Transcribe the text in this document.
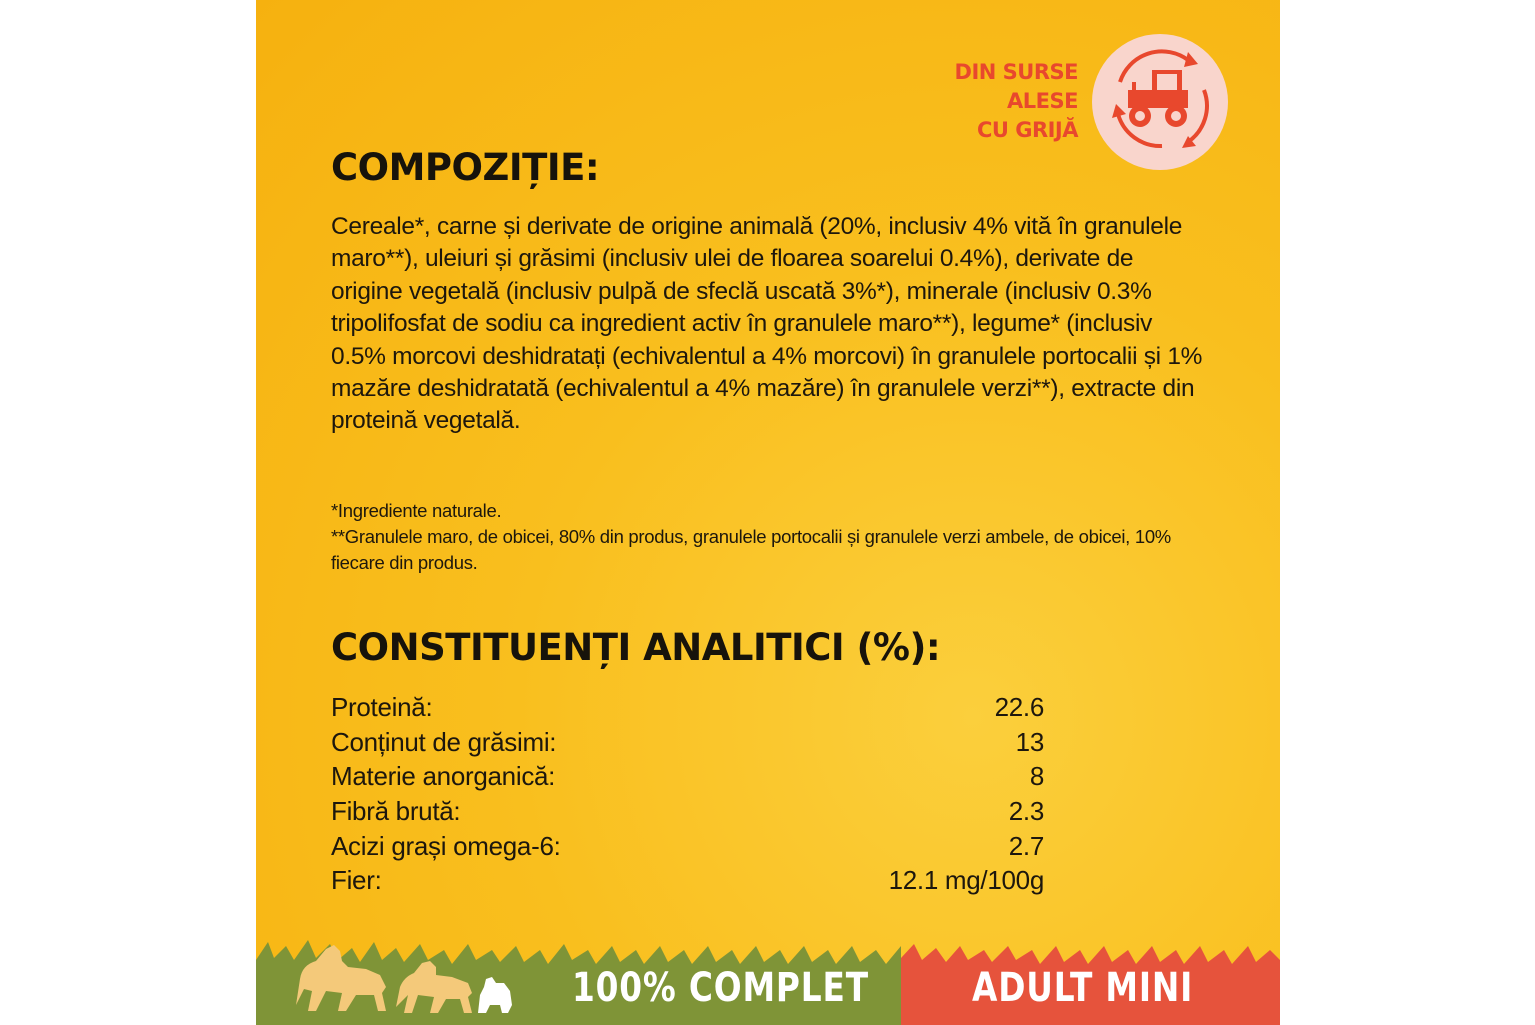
DIN SURSE
ALESE
CU GRIJĂ
COMPOZIȚIE:

Cereale*, carne și derivate de origine animală (20%, inclusiv 4% vită în granulele maro**), uleiuri și grăsimi (inclusiv ulei de floarea soarelui 0.4%), derivate de origine vegetală (inclusiv pulpă de sfeclă uscată 3%*), minerale (inclusiv 0.3% tripolifosfat de sodiu ca ingredient activ în granulele maro**), legume* (inclusiv 0.5% morcovi deshidratați (echivalentul a 4% morcovi) în granulele portocalii și 1% mazăre deshidratată (echivalentul a 4% mazăre) în granulele verzi**), extracte din proteină vegetală.

*Ingrediente naturale.
**Granulele maro, de obicei, 80% din produs, granulele portocalii și granulele verzi ambele, de obicei, 10% fiecare din produs.
CONSTITUENȚI ANALITICI (%):
Proteină:	22.6
Conținut de grăsimi:	13
Materie anorganică:	8
Fibră brută:	2.3
Acizi grași omega-6:	2.7
Fier:	12.1 mg/100g
100% COMPLET	ADULT MINI
